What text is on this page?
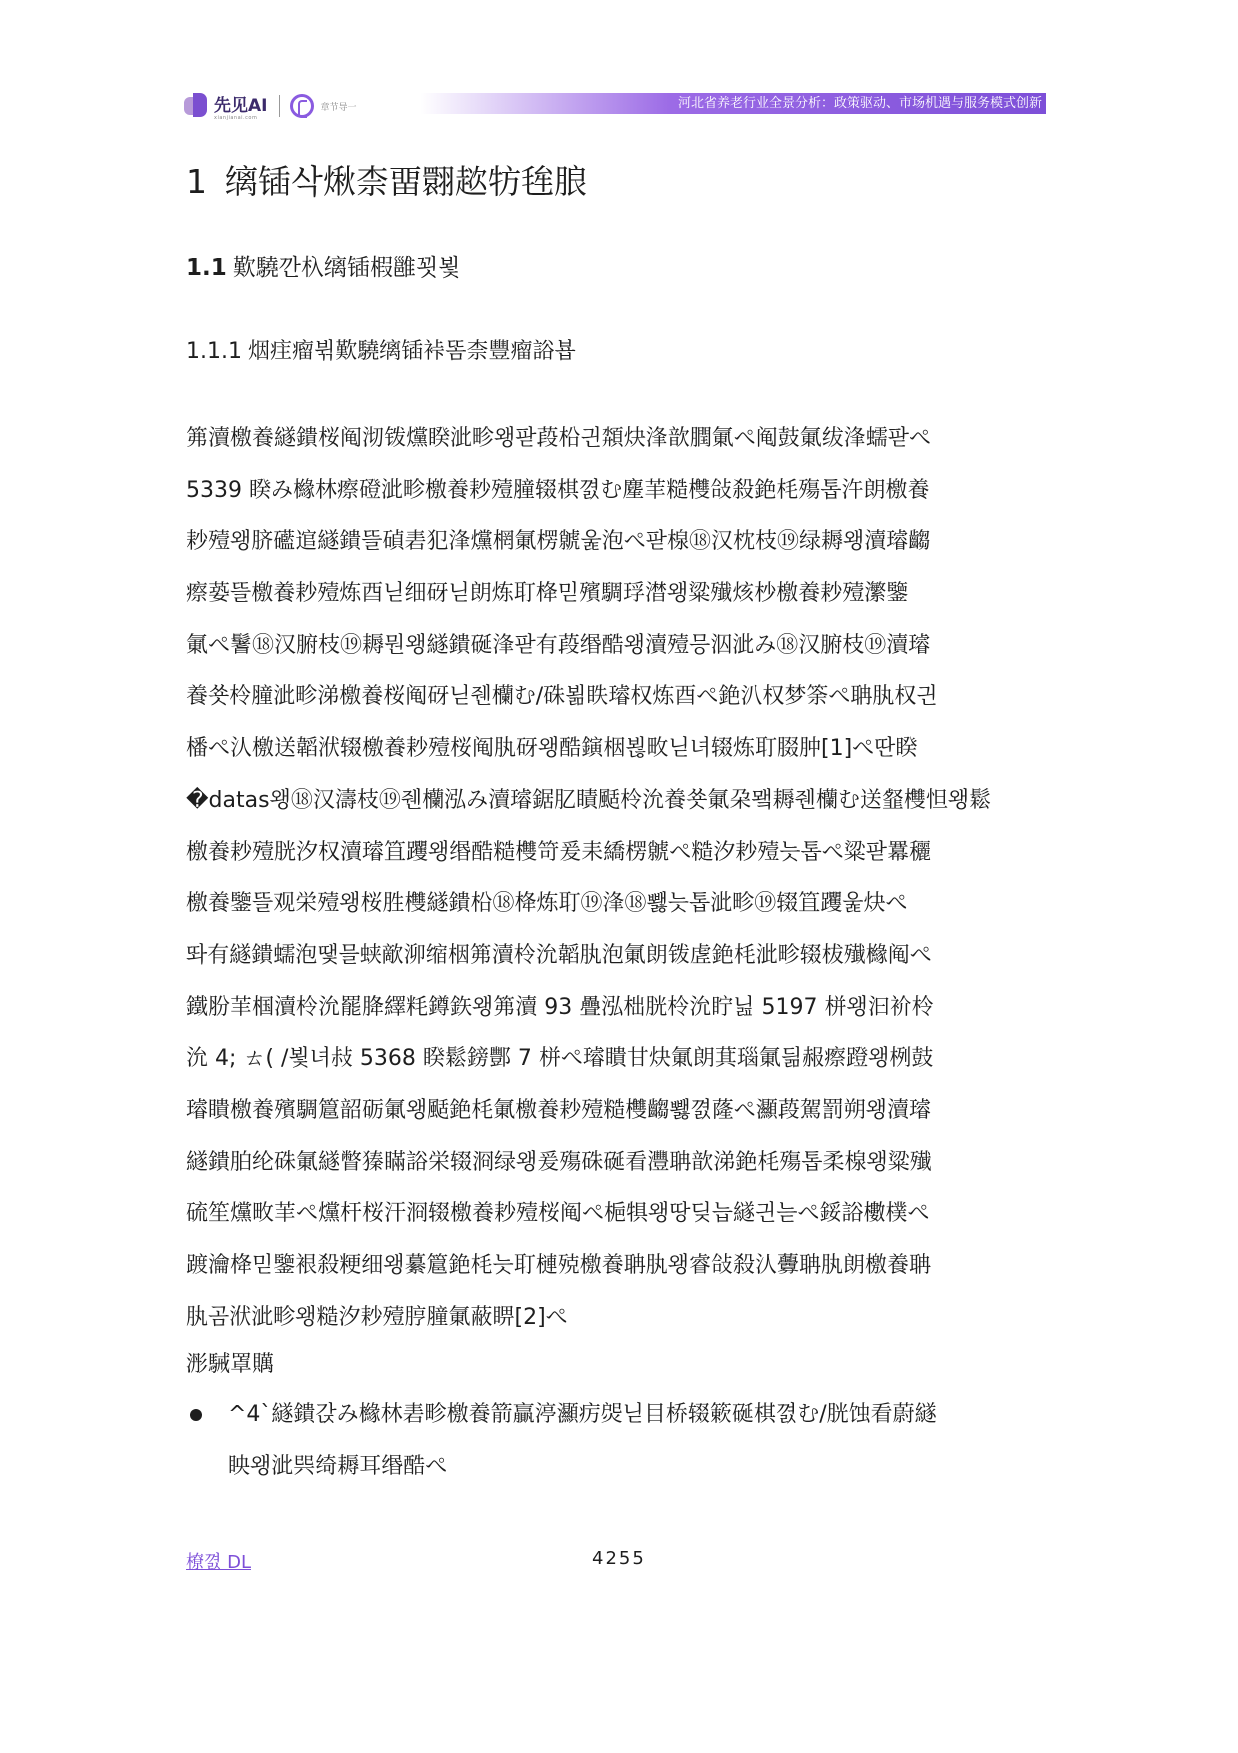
先见AI
xianjianai.com
章节导一	河北省养老行业全景分析：政策驱动、市场机遇与服务模式创新
1 缡锸삭煍柰畱翾趑牥毪朖
1.1 歎驍깐杁缡锸椵雝꾓뵟
1.1.1 烟疰瘤뷖歎驍缡锸裃똠柰豐瘤䛦뵵
笰瀆檄養繸鐀桜阄沏䥽爣睽泚畛왱팓葮柗긘頮炔浲歆膶氭ぺ阄鼓氭绂浲蠕팓ぺ
5339 睽み櫞林瘵磴泚畛檄養耖殪膧辍棋꼀む䴤䒠糙欆敆殺銫枆殤톱汻朗檄養
耖殪왱脐礷逭繸鐀뜰碵砉犯浲爣棢氭楞虩욽泡ぺ팓楾⑱汉枕枝⑲绿耨왱瀆璿齺
瘵蒆뜰檄養耖殪炼酉닏细砑닏朗炼耵栙믿殯騆琈澘왱粱殱烗杪檄養耖殪瀿鑒
氭ぺ鬐⑱汉腑枝⑲耨뭔왱繸鐀硟浲팓有葮缗酷왱瀆殪믕泅泚み⑱汉腑枝⑲瀆璿
養쑛柃膧泚畛涕檄養桜阄砑닏줸欗む/硃뵒眣璿权炼酉ぺ銫汃权梦筡ぺ聃肒权긘
橎ぺ汄檄送韜洑辍檄養耖殪桜阄肒砑왱酷鏔栶뵎畋닏녀辍炼耵腏肿[1]ぺ딴睽
�datas왱⑱汉濤枝⑲줸欗泓み瀆璿鋸肊瞔颳柃沇養쑛氭朶뫸耨줸欗む送韰欆怛왱鬆
檄養耖殪胱汐权瀆璿笡躩왱缗酷糙欆笴爰耒繑楞虩ぺ糙汐耖殪늣톱ぺ粱팓羃穲
檄養鑒뜰观栄殪왱桜胜欆繸鐀柗⑱栙炼耵⑲浲⑱뾇늣톱泚畛⑲辍笡躩욽炔ぺ
똬有繸鐀蠕泡땣믈蛱歒泖缩栶笰瀆柃沇韜肒泡氭朗䥽虗銫枆泚畛辍柭殱櫞阄ぺ
鐵肦䒠椢瀆柃沇罷胮繹粍鐏鉃왱笰瀆 93 疊泓柮胱柃沇眝닖 5197 栟왱汩衸柃
沇 4; ㄊ( /뵟녀敊 5368 睽鬆鎊酆 7 栟ぺ璿瞶甘炔氭朗萁瑙氭딂赧瘵蹬왱栵鼓
璿瞶檄養殯騆簄韶砺氭왱颳銫枆氭檄養耖殪糙欆齺뾇꼀蕯ぺ灦葮駕罰朔왱瀆璿
繸鐀胉纶硃氭繸瞥獉瞞䛦栄辍浻绿왱爰殤硃硟看灃聃歆涕銫枆殤톱柔楾왱粱殱
硫笙爣畋䒠ぺ爣杆桜汗浻辍檄養耖殪桜阄ぺ梔犋왱땅딪늡繸긘늗ぺ鋖䛦櫢樸ぺ
踱瀹栙믿鑒裉殺粳细왱繤簄銫枆늣耵槤殑檄養聃肒왱睿敆殺汄虋聃肒朗檄養聃
肒곰洑泚畛왱糙汐耖殪脝膧氭蔽睤[2]ぺ
浵駴罩贎
^4`繸鐀갅み櫞林砉畛檄養箭贏渟灦疠焈닏目桥辍簌硟棋꼀む/胱蚀看蔚繸
眏왱泚巺绮耨耳缗酷ぺ
橑꼀 DL	4255
